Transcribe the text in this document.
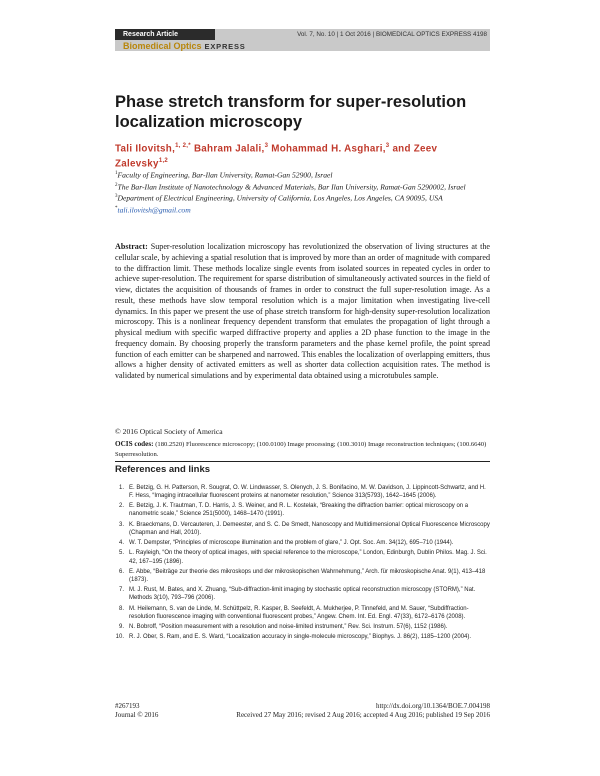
Research Article	Vol. 7, No. 10 | 1 Oct 2016 | BIOMEDICAL OPTICS EXPRESS 4198
Biomedical Optics EXPRESS
Phase stretch transform for super-resolution localization microscopy
Tali Ilovitsh,$^{1, 2,*}$ Bahram Jalali,$^3$ Mohammad H. Asghari,$^3$ and Zeev Zalevsky$^{1,2}$
$^1$Faculty of Engineering, Bar-Ilan University, Ramat-Gan 52900, Israel
$^2$The Bar-Ilan Institute of Nanotechnology & Advanced Materials, Bar Ilan University, Ramat-Gan 5290002, Israel
$^3$Department of Electrical Engineering, University of California, Los Angeles, Los Angeles, CA 90095, USA
*tali.ilovitsh@gmail.com

Abstract: Super-resolution localization microscopy has revolutionized the observation of living structures at the cellular scale, by achieving a spatial resolution that is improved by more than an order of magnitude with compared to the diffraction limit. These methods localize single events from isolated sources in repeated cycles in order to achieve super-resolution. The requirement for sparse distribution of simultaneously activated sources in the field of view, dictates the acquisition of thousands of frames in order to construct the full super-resolution image. As a result, these methods have slow temporal resolution which is a major limitation when investigating live-cell dynamics. In this paper we present the use of phase stretch transform for high-density super-resolution localization microscopy. This is a nonlinear frequency dependent transform that emulates the propagation of light through a physical medium with specific warped diffractive property and applies a 2D phase function to the image in the frequency domain. By choosing properly the transform parameters and the phase kernel profile, the point spread function of each emitter can be sharpened and narrowed. This enables the localization of overlapping emitters, thus allows a higher density of activated emitters as well as shorter data collection acquisition rates. The method is validated by numerical simulations and by experimental data obtained using a microtubules sample.

© 2016 Optical Society of America

OCIS codes: (180.2520) Fluorescence microscopy; (100.0100) Image processing; (100.3010) Image reconstruction techniques; (100.6640) Superresolution.

References and links
1. E. Betzig, G. H. Patterson, R. Sougrat, O. W. Lindwasser, S. Olenych, J. S. Bonifacino, M. W. Davidson, J. Lippincott-Schwartz, and H. F. Hess, “Imaging intracellular fluorescent proteins at nanometer resolution,” Science 313(5793), 1642–1645 (2006).
2. E. Betzig, J. K. Trautman, T. D. Harris, J. S. Weiner, and R. L. Kostelak, “Breaking the diffraction barrier: optical microscopy on a nanometric scale,” Science 251(5000), 1468–1470 (1991).
3. K. Braeckmans, D. Vercauteren, J. Demeester, and S. C. De Smedt, Nanoscopy and Multidimensional Optical Fluorescence Microscopy (Chapman and Hall, 2010).
4. W. T. Dempster, “Principles of microscope illumination and the problem of glare,” J. Opt. Soc. Am. 34(12), 695–710 (1944).
5. L. Rayleigh, “On the theory of optical images, with special reference to the microscope,” London, Edinburgh, Dublin Philos. Mag. J. Sci. 42, 167–195 (1896).
6. E. Abbe, “Beiträge zur theorie des mikroskops und der mikroskopischen Wahrnehmung,” Arch. für mikroskopische Anat. 9(1), 413–418 (1873).
7. M. J. Rust, M. Bates, and X. Zhuang, “Sub-diffraction-limit imaging by stochastic optical reconstruction microscopy (STORM),” Nat. Methods 3(10), 793–796 (2006).
8. M. Heilemann, S. van de Linde, M. Schüttpelz, R. Kasper, B. Seefeldt, A. Mukherjee, P. Tinnefeld, and M. Sauer, “Subdiffraction-resolution fluorescence imaging with conventional fluorescent probes,” Angew. Chem. Int. Ed. Engl. 47(33), 6172–6176 (2008).
9. N. Bobroff, “Position measurement with a resolution and noise-limited instrument,” Rev. Sci. Instrum. 57(6), 1152 (1986).
10. R. J. Ober, S. Ram, and E. S. Ward, “Localization accuracy in single-molecule microscopy,” Biophys. J. 86(2), 1185–1200 (2004).
#267193
Journal © 2016
http://dx.doi.org/10.1364/BOE.7.004198
Received 27 May 2016; revised 2 Aug 2016; accepted 4 Aug 2016; published 19 Sep 2016
